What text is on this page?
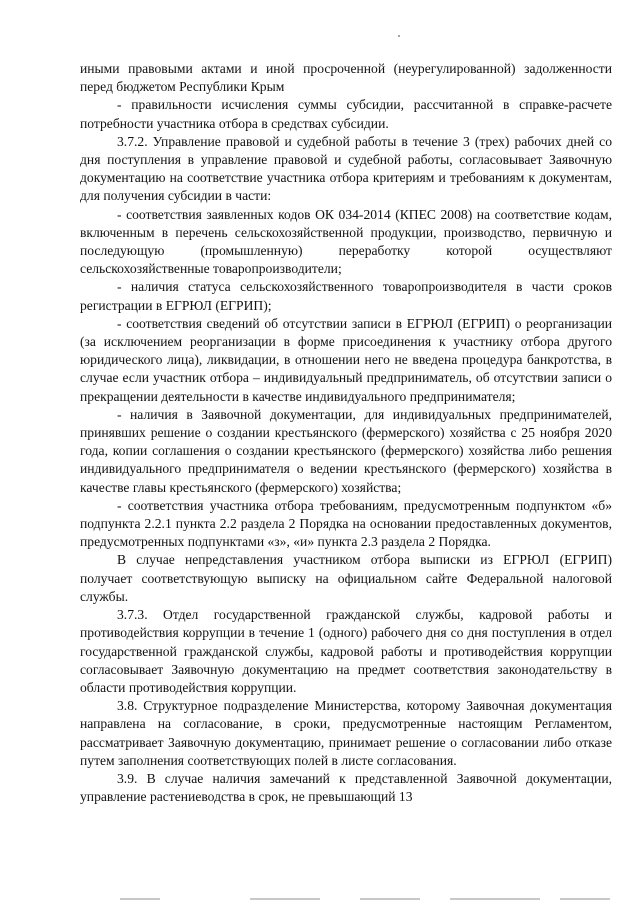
иными правовыми актами и иной просроченной (неурегулированной) задолженности перед бюджетом Республики Крым

- правильности исчисления суммы субсидии, рассчитанной в справке-расчете потребности участника отбора в средствах субсидии.

3.7.2. Управление правовой и судебной работы в течение 3 (трех) рабочих дней со дня поступления в управление правовой и судебной работы, согласовывает Заявочную документацию на соответствие участника отбора критериям и требованиям к документам, для получения субсидии в части:

- соответствия заявленных кодов ОК 034-2014 (КПЕС 2008) на соответствие кодам, включенным в перечень сельскохозяйственной продукции, производство, первичную и последующую (промышленную) переработку которой осуществляют сельскохозяйственные товаропроизводители;

- наличия статуса сельскохозяйственного товаропроизводителя в части сроков регистрации в ЕГРЮЛ (ЕГРИП);

- соответствия сведений об отсутствии записи в ЕГРЮЛ (ЕГРИП) о реорганизации (за исключением реорганизации в форме присоединения к участнику отбора другого юридического лица), ликвидации, в отношении него не введена процедура банкротства, в случае если участник отбора – индивидуальный предприниматель, об отсутствии записи о прекращении деятельности в качестве индивидуального предпринимателя;

- наличия в Заявочной документации, для индивидуальных предпринимателей, принявших решение о создании крестьянского (фермерского) хозяйства с 25 ноября 2020 года, копии соглашения о создании крестьянского (фермерского) хозяйства либо решения индивидуального предпринимателя о ведении крестьянского (фермерского) хозяйства в качестве главы крестьянского (фермерского) хозяйства;

- соответствия участника отбора требованиям, предусмотренным подпунктом «б» подпункта 2.2.1 пункта 2.2 раздела 2 Порядка на основании предоставленных документов, предусмотренных подпунктами «з», «и» пункта 2.3 раздела 2 Порядка.

В случае непредставления участником отбора выписки из ЕГРЮЛ (ЕГРИП) получает соответствующую выписку на официальном сайте Федеральной налоговой службы.

3.7.3. Отдел государственной гражданской службы, кадровой работы и противодействия коррупции в течение 1 (одного) рабочего дня со дня поступления в отдел государственной гражданской службы, кадровой работы и противодействия коррупции согласовывает Заявочную документацию на предмет соответствия законодательству в области противодействия коррупции.

3.8. Структурное подразделение Министерства, которому Заявочная документация направлена на согласование, в сроки, предусмотренные настоящим Регламентом, рассматривает Заявочную документацию, принимает решение о согласовании либо отказе путем заполнения соответствующих полей в листе согласования.

3.9. В случае наличия замечаний к представленной Заявочной документации, управление растениеводства в срок, не превышающий 13
